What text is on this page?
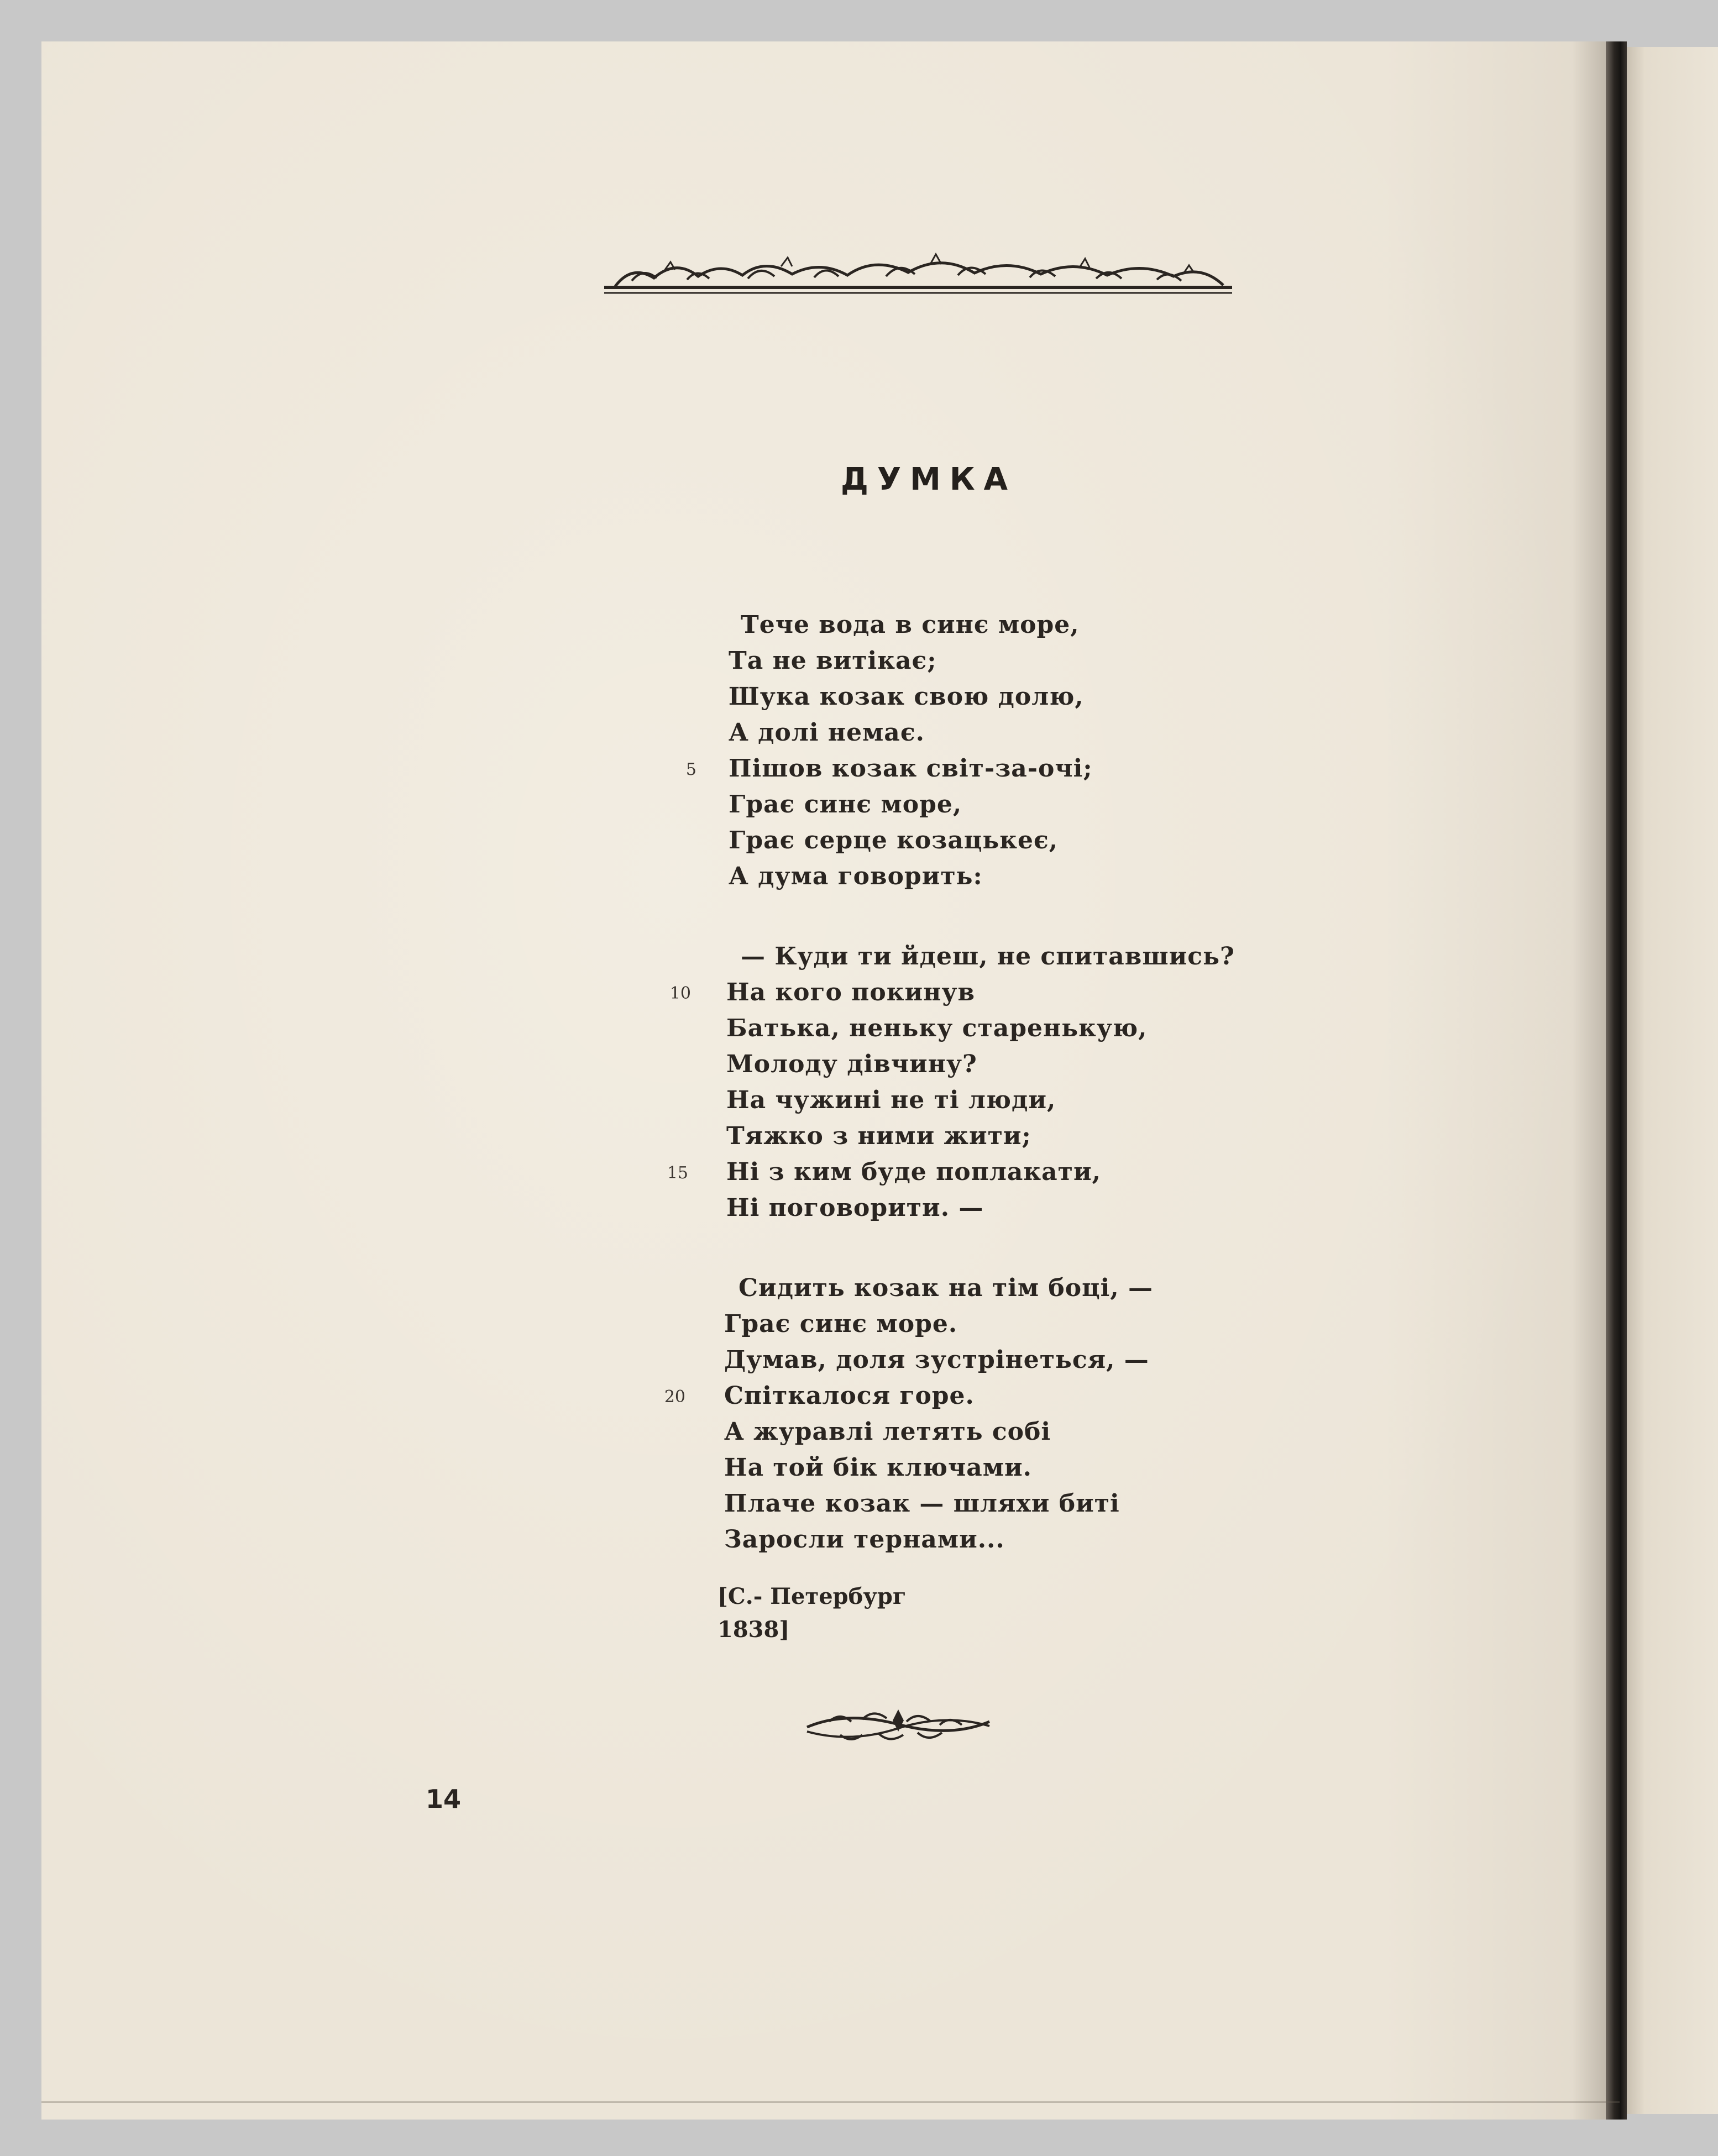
ДУМКА
Тече вода в синє море,
Та не витікає;
Шука козак свою долю,
А долі немає.
Пішов козак світ-за-очі;
Грає синє море,
Грає серце козацькеє,
А дума говорить:
— Куди ти йдеш, не спитавшись?
На кого покинув
Батька, неньку старенькую,
Молоду дівчину?
На чужині не ті люди,
Тяжко з ними жити;
Ні з ким буде поплакати,
Ні поговорити. —
Сидить козак на тім боці, —
Грає синє море.
Думав, доля зустрінеться, —
Спіткалося горе.
А журавлі летять собі
На той бік ключами.
Плаче козак — шляхи биті
Заросли тернами...
5
10
15
20
[С.- Петербург
1838]
14
